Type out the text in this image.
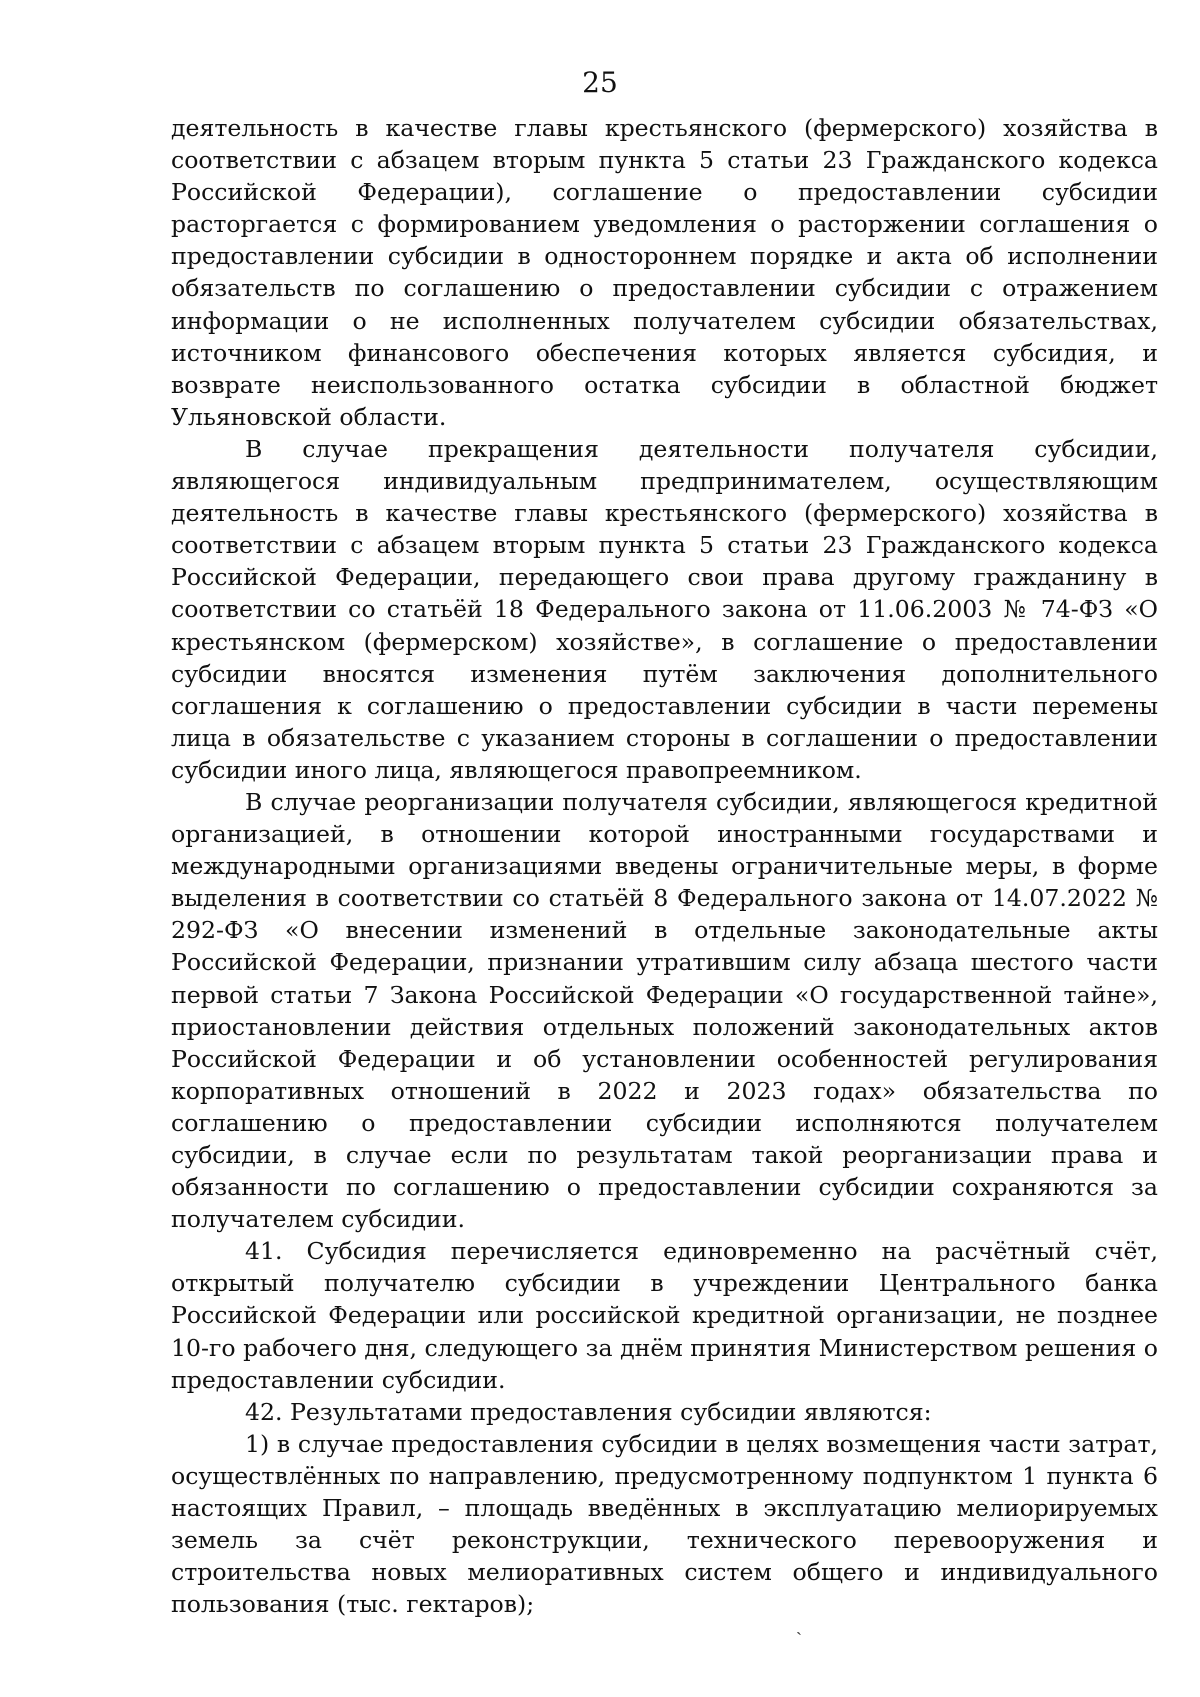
25

деятельность в качестве главы крестьянского (фермерского) хозяйства в соответствии с абзацем вторым пункта 5 статьи 23 Гражданского кодекса Российской Федерации), соглашение о предоставлении субсидии расторгается с формированием уведомления о расторжении соглашения о предоставлении субсидии в одностороннем порядке и акта об исполнении обязательств по соглашению о предоставлении субсидии с отражением информации о не исполненных получателем субсидии обязательствах, источником финансового обеспечения которых является субсидия, и возврате неиспользованного остатка субсидии в областной бюджет Ульяновской области.

В случае прекращения деятельности получателя субсидии, являющегося индивидуальным предпринимателем, осуществляющим деятельность в качестве главы крестьянского (фермерского) хозяйства в соответствии с абзацем вторым пункта 5 статьи 23 Гражданского кодекса Российской Федерации, передающего свои права другому гражданину в соответствии со статьёй 18 Федерального закона от 11.06.2003 № 74-ФЗ «О крестьянском (фермерском) хозяйстве», в соглашение о предоставлении субсидии вносятся изменения путём заключения дополнительного соглашения к соглашению о предоставлении субсидии в части перемены лица в обязательстве с указанием стороны в соглашении о предоставлении субсидии иного лица, являющегося правопреемником.

В случае реорганизации получателя субсидии, являющегося кредитной организацией, в отношении которой иностранными государствами и международными организациями введены ограничительные меры, в форме выделения в соответствии со статьёй 8 Федерального закона от 14.07.2022 № 292-ФЗ «О внесении изменений в отдельные законодательные акты Российской Федерации, признании утратившим силу абзаца шестого части первой статьи 7 Закона Российской Федерации «О государственной тайне», приостановлении действия отдельных положений законодательных актов Российской Федерации и об установлении особенностей регулирования корпоративных отношений в 2022 и 2023 годах» обязательства по соглашению о предоставлении субсидии исполняются получателем субсидии, в случае если по результатам такой реорганизации права и обязанности по соглашению о предоставлении субсидии сохраняются за получателем субсидии.

41. Субсидия перечисляется единовременно на расчётный счёт, открытый получателю субсидии в учреждении Центрального банка Российской Федерации или российской кредитной организации, не позднее 10-го рабочего дня, следующего за днём принятия Министерством решения о предоставлении субсидии.

42. Результатами предоставления субсидии являются:

1) в случае предоставления субсидии в целях возмещения части затрат, осуществлённых по направлению, предусмотренному подпунктом 1 пункта 6 настоящих Правил, – площадь введённых в эксплуатацию мелиорируемых земель за счёт реконструкции, технического перевооружения и строительства новых мелиоративных систем общего и индивидуального пользования (тыс. гектаров);

ˎ
